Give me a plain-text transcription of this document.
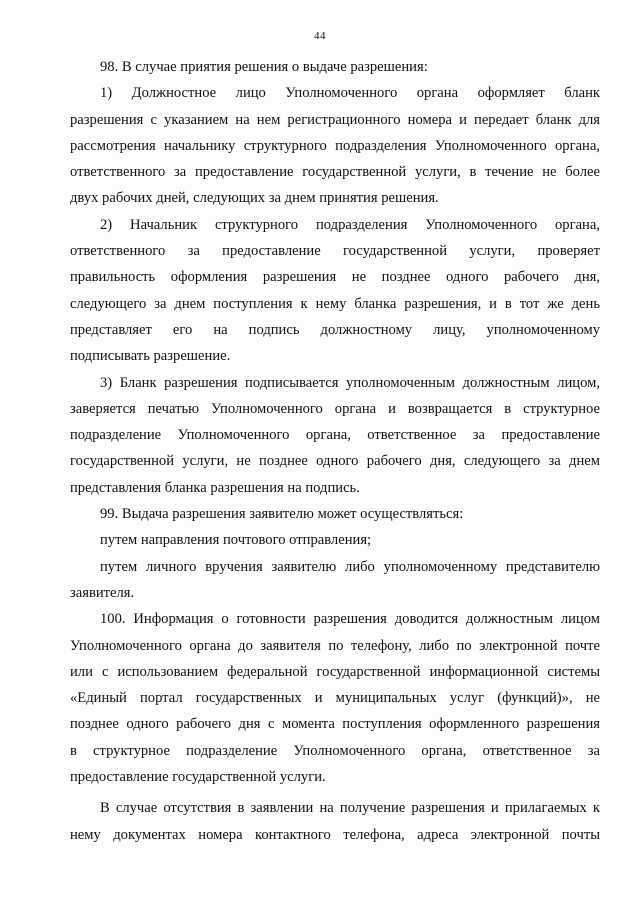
44
98. В случае приятия решения о выдаче разрешения:
1) Должностное лицо Уполномоченного органа оформляет бланк
разрешения с указанием на нем регистрационного номера и передает бланк для
рассмотрения начальнику структурного подразделения Уполномоченного органа,
ответственного за предоставление государственной услуги, в течение не более
двух рабочих дней, следующих за днем принятия решения.
2) Начальник структурного подразделения Уполномоченного органа,
ответственного за предоставление государственной услуги, проверяет
правильность оформления разрешения не позднее одного рабочего дня,
следующего за днем поступления к нему бланка разрешения, и в тот же день
представляет его на подпись должностному лицу, уполномоченному
подписывать разрешение.
3) Бланк разрешения подписывается уполномоченным должностным лицом,
заверяется печатью Уполномоченного органа и возвращается в структурное
подразделение Уполномоченного органа, ответственное за предоставление
государственной услуги, не позднее одного рабочего дня, следующего за днем
представления бланка разрешения на подпись.
99. Выдача разрешения заявителю может осуществляться:
путем направления почтового отправления;
путем личного вручения заявителю либо уполномоченному представителю
заявителя.
100. Информация о готовности разрешения доводится должностным лицом
Уполномоченного органа до заявителя по телефону, либо по электронной почте
или с использованием федеральной государственной информационной системы
«Единый портал государственных и муниципальных услуг (функций)», не
позднее одного рабочего дня с момента поступления оформленного разрешения
в структурное подразделение Уполномоченного органа, ответственное за
предоставление государственной услуги.
В случае отсутствия в заявлении на получение разрешения и прилагаемых к
нему документах номера контактного телефона, адреса электронной почты
